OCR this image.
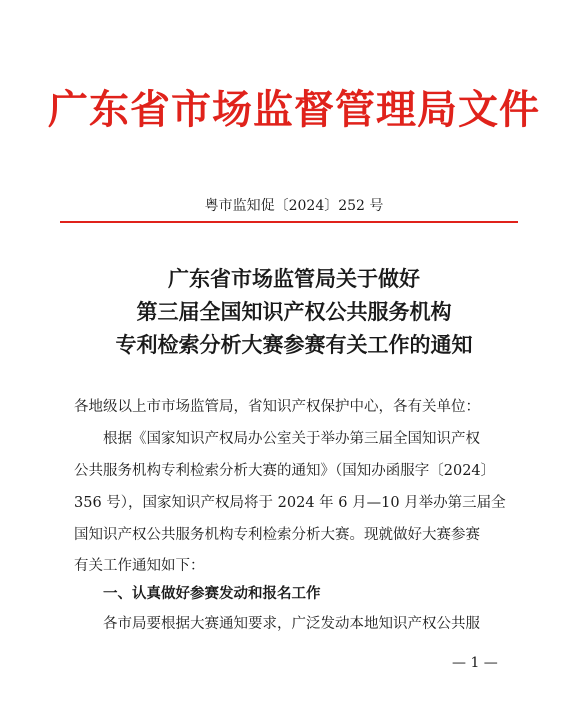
广东省市场监督管理局文件
粤市监知促〔2024〕252 号
广东省市场监管局关于做好
第三届全国知识产权公共服务机构
专利检索分析大赛参赛有关工作的通知
各地级以上市市场监管局，省知识产权保护中心，各有关单位：
根据《国家知识产权局办公室关于举办第三届全国知识产权
公共服务机构专利检索分析大赛的通知》（国知办函服字〔2024〕
356 号），国家知识产权局将于 2024 年 6 月—10 月举办第三届全
国知识产权公共服务机构专利检索分析大赛。现就做好大赛参赛
有关工作通知如下：
一、认真做好参赛发动和报名工作
各市局要根据大赛通知要求，广泛发动本地知识产权公共服
— 1 —
